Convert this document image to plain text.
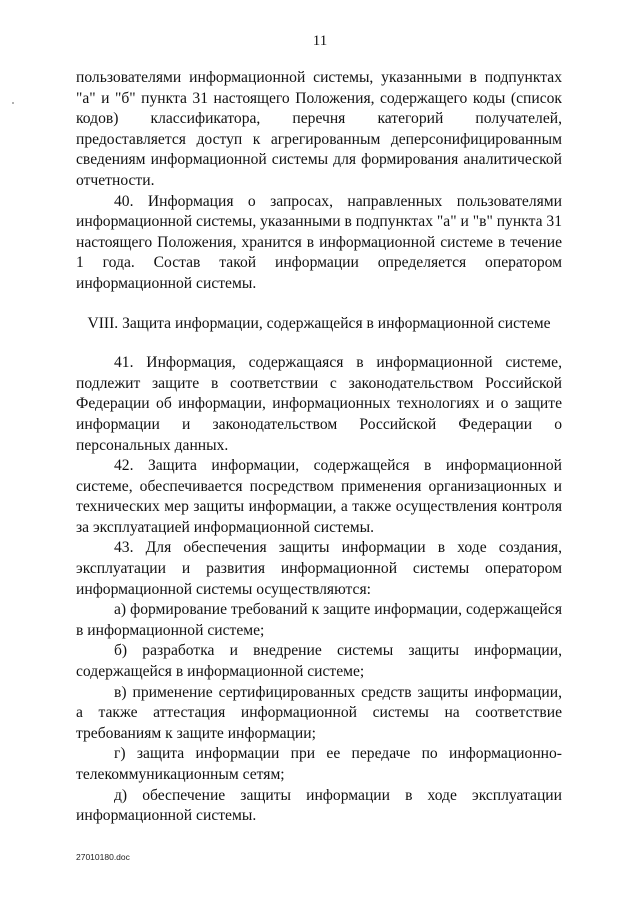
11

пользователями информационной системы, указанными в подпунктах "а" и "б" пункта 31 настоящего Положения, содержащего коды (список кодов) классификатора, перечня категорий получателей, предоставляется доступ к агрегированным деперсонифицированным сведениям информационной системы для формирования аналитической отчетности.

40. Информация о запросах, направленных пользователями информационной системы, указанными в подпунктах "а" и "в" пункта 31 настоящего Положения, хранится в информационной системе в течение 1 года. Состав такой информации определяется оператором информационной системы.

VIII. Защита информации, содержащейся в информационной системе

41. Информация, содержащаяся в информационной системе, подлежит защите в соответствии с законодательством Российской Федерации об информации, информационных технологиях и о защите информации и законодательством Российской Федерации о персональных данных.

42. Защита информации, содержащейся в информационной системе, обеспечивается посредством применения организационных и технических мер защиты информации, а также осуществления контроля за эксплуатацией информационной системы.

43. Для обеспечения защиты информации в ходе создания, эксплуатации и развития информационной системы оператором информационной системы осуществляются:

а) формирование требований к защите информации, содержащейся в информационной системе;

б) разработка и внедрение системы защиты информации, содержащейся в информационной системе;

в) применение сертифицированных средств защиты информации, а также аттестация информационной системы на соответствие требованиям к защите информации;

г) защита информации при ее передаче по информационно-телекоммуникационным сетям;

д) обеспечение защиты информации в ходе эксплуатации информационной системы.

27010180.doc
